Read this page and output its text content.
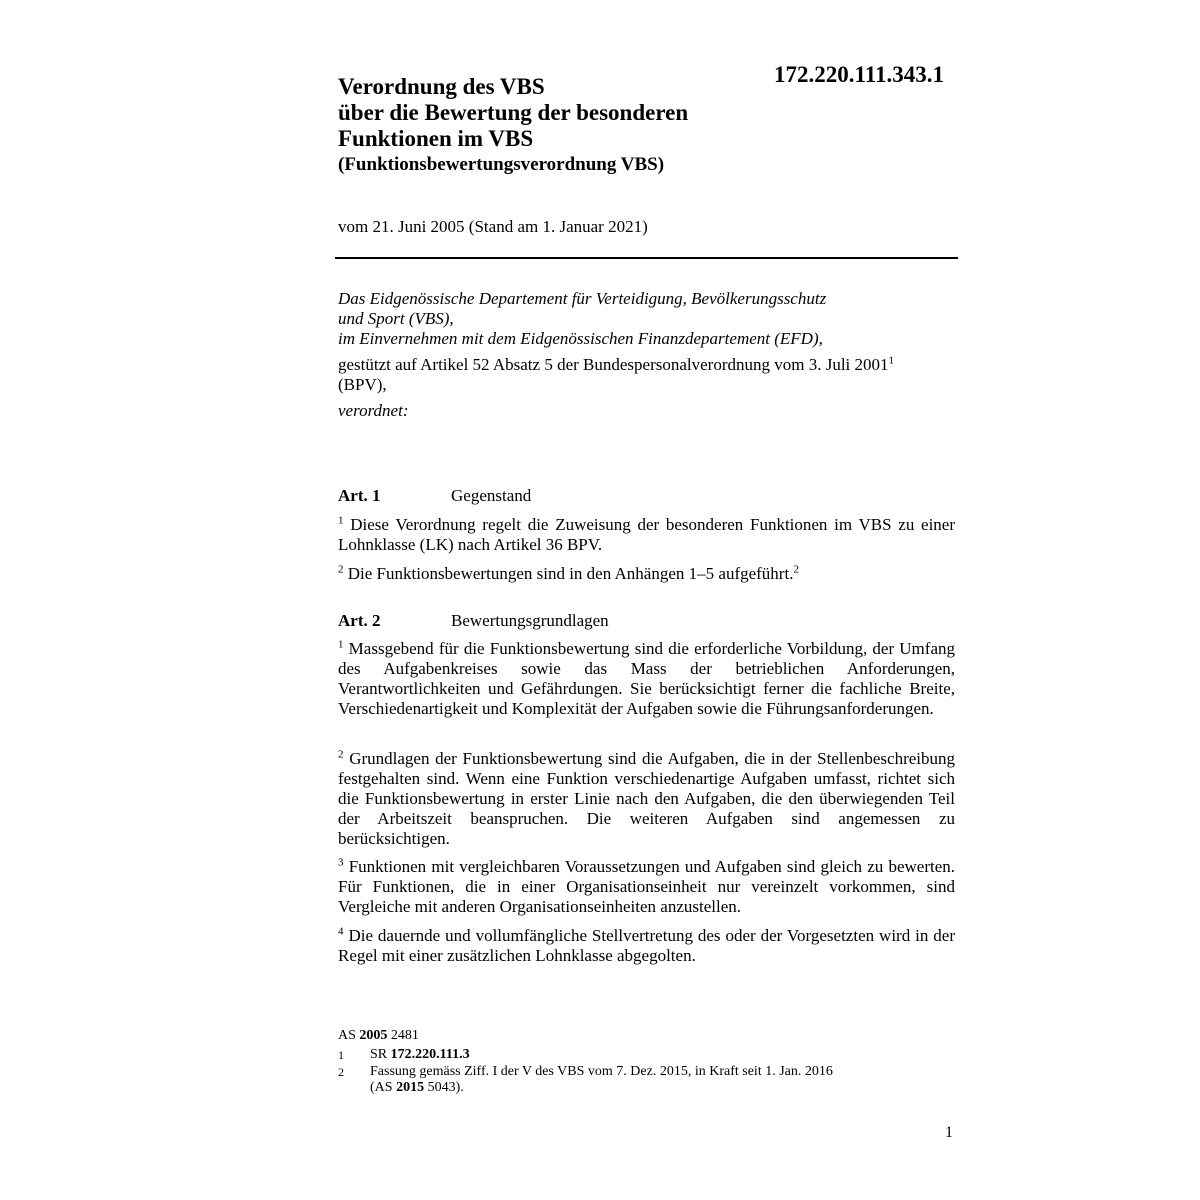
172.220.111.343.1
Verordnung des VBS
über die Bewertung der besonderen
Funktionen im VBS
(Funktionsbewertungsverordnung VBS)
vom 21. Juni 2005 (Stand am 1. Januar 2021)
Das Eidgenössische Departement für Verteidigung, Bevölkerungsschutz
und Sport (VBS),
im Einvernehmen mit dem Eidgenössischen Finanzdepartement (EFD),
gestützt auf Artikel 52 Absatz 5 der Bundespersonalverordnung vom 3. Juli 2001$^1$
(BPV),
verordnet:
Art. 1	Gegenstand
$^1$ Diese Verordnung regelt die Zuweisung der besonderen Funktionen im VBS zu einer Lohnklasse (LK) nach Artikel 36 BPV.
$^2$ Die Funktionsbewertungen sind in den Anhängen 1–5 aufgeführt.$^2$
Art. 2	Bewertungsgrundlagen
$^1$ Massgebend für die Funktionsbewertung sind die erforderliche Vorbildung, der Umfang des Aufgabenkreises sowie das Mass der betrieblichen Anforderungen, Verantwortlichkeiten und Gefährdungen. Sie berücksichtigt ferner die fachliche Breite, Verschiedenartigkeit und Komplexität der Aufgaben sowie die Führungsanforderungen.
$^2$ Grundlagen der Funktionsbewertung sind die Aufgaben, die in der Stellenbeschreibung festgehalten sind. Wenn eine Funktion verschiedenartige Aufgaben umfasst, richtet sich die Funktionsbewertung in erster Linie nach den Aufgaben, die den überwiegenden Teil der Arbeitszeit beanspruchen. Die weiteren Aufgaben sind angemessen zu berücksichtigen.
$^3$ Funktionen mit vergleichbaren Voraussetzungen und Aufgaben sind gleich zu bewerten. Für Funktionen, die in einer Organisationseinheit nur vereinzelt vorkommen, sind Vergleiche mit anderen Organisationseinheiten anzustellen.
$^4$ Die dauernde und vollumfängliche Stellvertretung des oder der Vorgesetzten wird in der Regel mit einer zusätzlichen Lohnklasse abgegolten.
AS 2005 2481
1 SR 172.220.111.3
2 Fassung gemäss Ziff. I der V des VBS vom 7. Dez. 2015, in Kraft seit 1. Jan. 2016
(AS 2015 5043).
1
